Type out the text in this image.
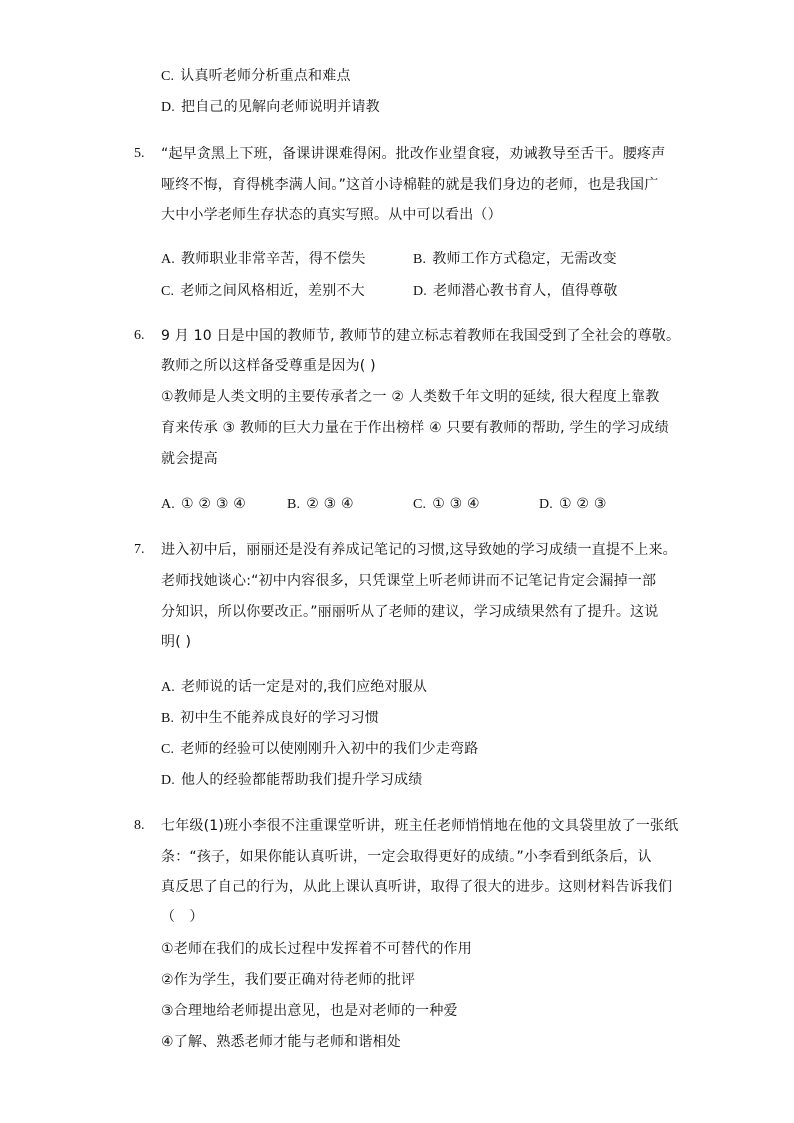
C. 认真听老师分析重点和难点
D. 把自己的见解向老师说明并请教
5. “起早贪黑上下班，备课讲课难得闲。批改作业望食寝，劝诫教导至舌干。腰疼声
哑终不悔，育得桃李满人间。”这首小诗棉鞋的就是我们身边的老师，也是我国广
大中小学老师生存状态的真实写照。从中可以看出（）
A. 教师职业非常辛苦，得不偿失	B. 教师工作方式稳定，无需改变
C. 老师之间风格相近，差别不大	D. 老师潜心教书育人，值得尊敬
6. 9 月 10 日是中国的教师节, 教师节的建立标志着教师在我国受到了全社会的尊敬。
教师之所以这样备受尊重是因为( )
①教师是人类文明的主要传承者之一 ② 人类数千年文明的延续, 很大程度上靠教
育来传承 ③ 教师的巨大力量在于作出榜样 ④ 只要有教师的帮助, 学生的学习成绩
就会提高
A. ① ② ③ ④	B. ② ③ ④	C. ① ③ ④	D. ① ② ③
7. 进入初中后，丽丽还是没有养成记笔记的习惯,这导致她的学习成绩一直提不上来。
老师找她谈心:“初中内容很多，只凭课堂上听老师讲而不记笔记肯定会漏掉一部
分知识，所以你要改正。”丽丽听从了老师的建议，学习成绩果然有了提升。这说
明( )
A. 老师说的话一定是对的,我们应绝对服从
B. 初中生不能养成良好的学习习惯
C. 老师的经验可以使刚刚升入初中的我们少走弯路
D. 他人的经验都能帮助我们提升学习成绩
8. 七年级(1)班小李很不注重课堂听讲，班主任老师悄悄地在他的文具袋里放了一张纸
条：“孩子，如果你能认真听讲，一定会取得更好的成绩。”小李看到纸条后，认
真反思了自己的行为，从此上课认真听讲，取得了很大的进步。这则材料告诉我们
（　）
①老师在我们的成长过程中发挥着不可替代的作用
②作为学生，我们要正确对待老师的批评
③合理地给老师提出意见，也是对老师的一种爱
④了解、熟悉老师才能与老师和谐相处
